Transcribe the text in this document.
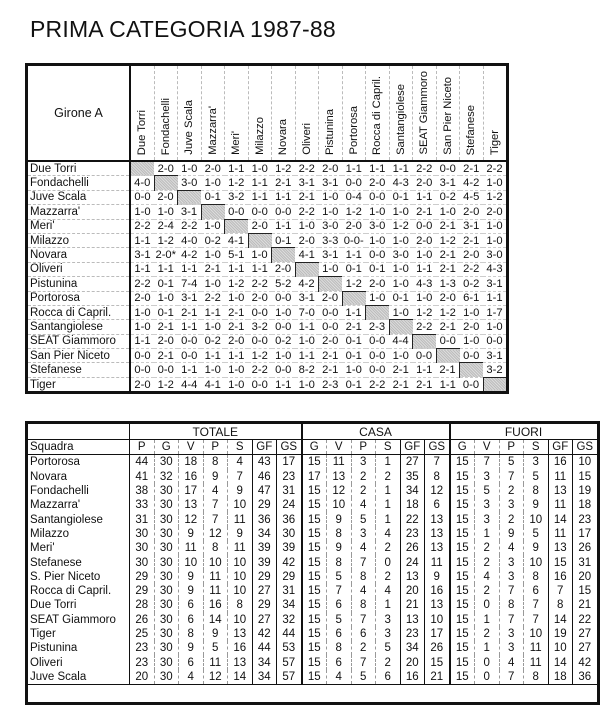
PRIMA CATEGORIA 1987-88
Girone A	Due Torri	Fondachelli	Juve Scala	Mazzarra'	Meri'	Milazzo	Novara	Oliveri	Pistunina	Portorosa	Rocca di Capril.	Santangiolese	SEAT Giammoro	San Pier Niceto	Stefanese	Tiger
Due Torri		2-0	1-0	2-0	1-1	1-0	1-2	2-2	2-0	1-1	1-1	1-1	2-2	0-0	2-1	2-2
Fondachelli	4-0		3-0	1-0	1-2	1-1	2-1	3-1	3-1	0-0	2-0	4-3	2-0	3-1	4-2	1-0
Juve Scala	0-0	2-0		0-1	3-2	1-1	1-1	2-1	1-0	0-4	0-0	0-1	1-1	0-2	4-5	1-2
Mazzarra'	1-0	1-0	3-1		0-0	0-0	0-0	2-2	1-0	1-2	1-0	1-0	2-1	1-0	2-0	2-0
Meri'	2-2	2-4	2-2	1-0		2-0	1-1	1-0	3-0	2-0	3-0	1-2	0-0	2-1	3-1	1-0
Milazzo	1-1	1-2	4-0	0-2	4-1		0-1	2-0	3-3	0-0-	1-0	1-0	2-0	1-2	2-1	1-0
Novara	3-1	2-0*	4-2	1-0	5-1	1-0		4-1	3-1	1-1	0-0	3-0	1-0	2-1	2-0	3-0
Oliveri	1-1	1-1	1-1	2-1	1-1	1-1	2-0		1-0	0-1	0-1	1-0	1-1	2-1	2-2	4-3
Pistunina	2-2	0-1	7-4	1-0	1-2	2-2	5-2	4-2		1-2	2-0	1-0	4-3	1-3	0-2	3-1
Portorosa	2-0	1-0	3-1	2-2	1-0	2-0	0-0	3-1	2-0		1-0	0-1	1-0	2-0	6-1	1-1
Rocca di Capril.	1-0	0-1	2-1	1-1	2-1	0-0	1-0	7-0	0-0	1-1		1-0	1-2	1-2	1-0	1-7
Santangiolese	1-0	2-1	1-1	1-0	2-1	3-2	0-0	1-1	0-0	2-1	2-3		2-2	2-1	2-0	1-0
SEAT Giammoro	1-1	2-0	0-0	0-2	2-0	0-0	0-2	1-0	2-0	0-1	0-0	4-4		0-0	1-0	0-0
San Pier Niceto	0-0	2-1	0-0	1-1	1-1	1-2	1-0	1-1	2-1	0-1	0-0	1-0	0-0		0-0	3-1
Stefanese	0-0	0-0	1-1	1-0	1-0	2-2	0-0	8-2	2-1	1-0	0-0	2-1	1-1	2-1		3-2
Tiger	2-0	1-2	4-4	4-1	1-0	0-0	1-1	1-0	2-3	0-1	2-2	2-1	2-1	1-1	0-0	
	TOTALE							CASA						FUORI					
Squadra	P	G	V	P	S	GF	GS	G	V	P	S	GF	GS	G	V	P	S	GF	GS
Portorosa	44	30	18	8	4	43	17	15	11	3	1	27	7	15	7	5	3	16	10
Novara	41	32	16	9	7	46	23	17	13	2	2	35	8	15	3	7	5	11	15
Fondachelli	38	30	17	4	9	47	31	15	12	2	1	34	12	15	5	2	8	13	19
Mazzarra'	33	30	13	7	10	29	24	15	10	4	1	18	6	15	3	3	9	11	18
Santangiolese	31	30	12	7	11	36	36	15	9	5	1	22	13	15	3	2	10	14	23
Milazzo	30	30	9	12	9	34	30	15	8	3	4	23	13	15	1	9	5	11	17
Meri'	30	30	11	8	11	39	39	15	9	4	2	26	13	15	2	4	9	13	26
Stefanese	30	30	10	10	10	39	42	15	8	7	0	24	11	15	2	3	10	15	31
S. Pier Niceto	29	30	9	11	10	29	29	15	5	8	2	13	9	15	4	3	8	16	20
Rocca di Capril.	29	30	9	11	10	27	31	15	7	4	4	20	16	15	2	7	6	7	15
Due Torri	28	30	6	16	8	29	34	15	6	8	1	21	13	15	0	8	7	8	21
SEAT Giammoro	26	30	6	14	10	27	32	15	5	7	3	13	10	15	1	7	7	14	22
Tiger	25	30	8	9	13	42	44	15	6	6	3	23	17	15	2	3	10	19	27
Pistunina	23	30	9	5	16	44	53	15	8	2	5	34	26	15	1	3	11	10	27
Oliveri	23	30	6	11	13	34	57	15	6	7	2	20	15	15	0	4	11	14	42
Juve Scala	20	30	4	12	14	34	57	15	4	5	6	16	21	15	0	7	8	18	36
